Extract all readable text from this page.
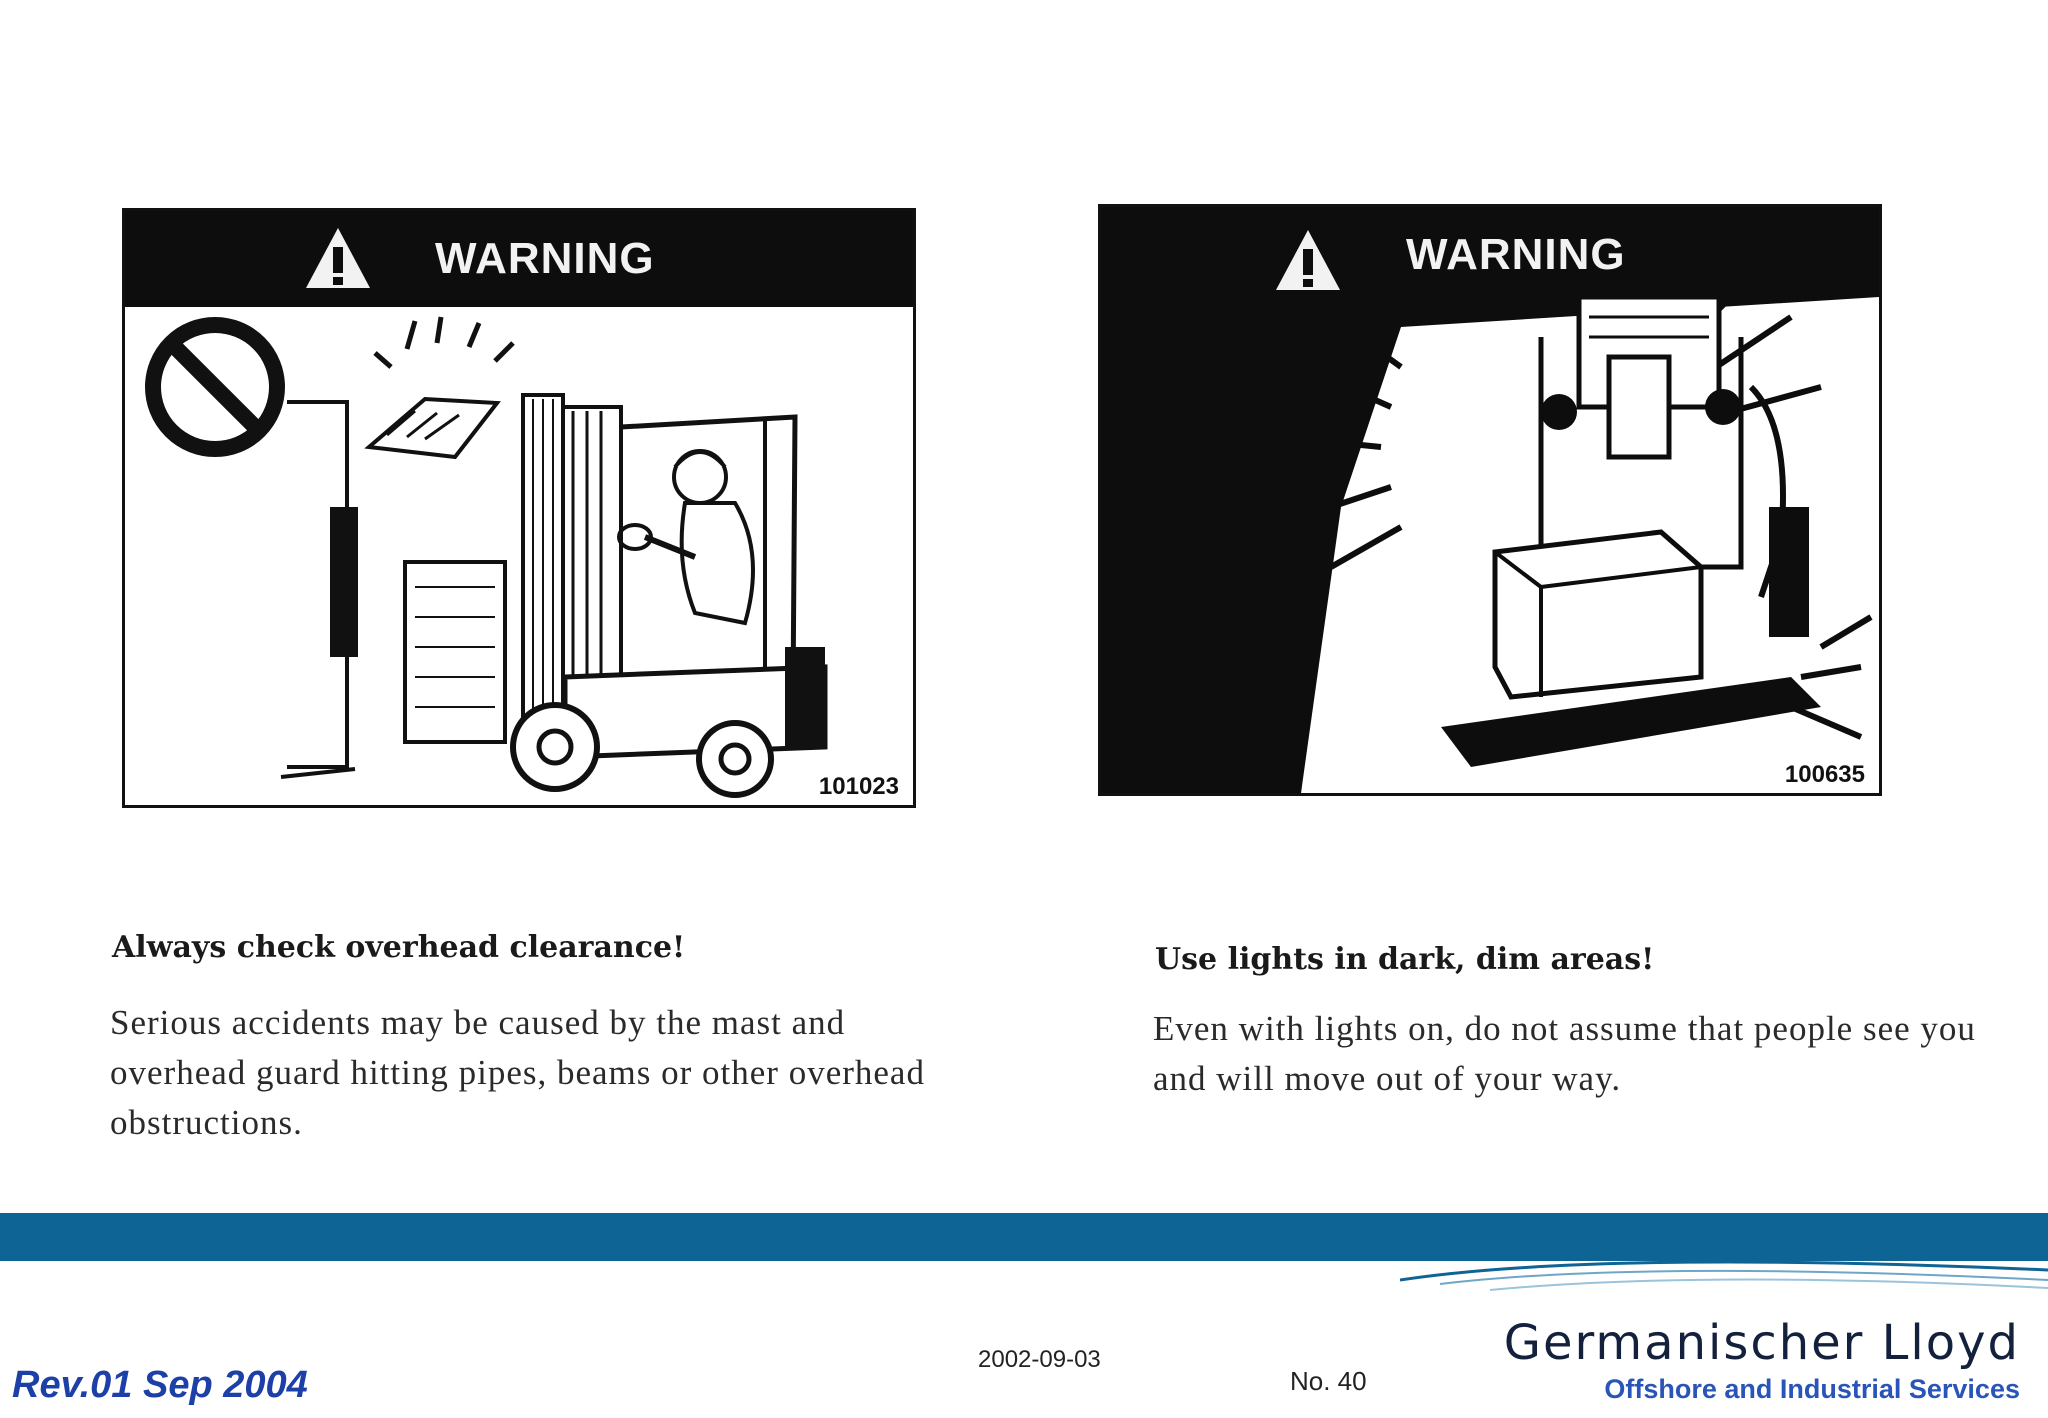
WARNING
101023
WARNING
100635
Always check overhead clearance!
Serious accidents may be caused by the mast and overhead guard hitting pipes, beams or other overhead obstructions.
Use lights in dark, dim areas!
Even with lights on, do not assume that people see you and will move out of your way.
Rev.01 Sep 2004
2002-09-03
No. 40
Germanischer Lloyd
Offshore and Industrial Services
